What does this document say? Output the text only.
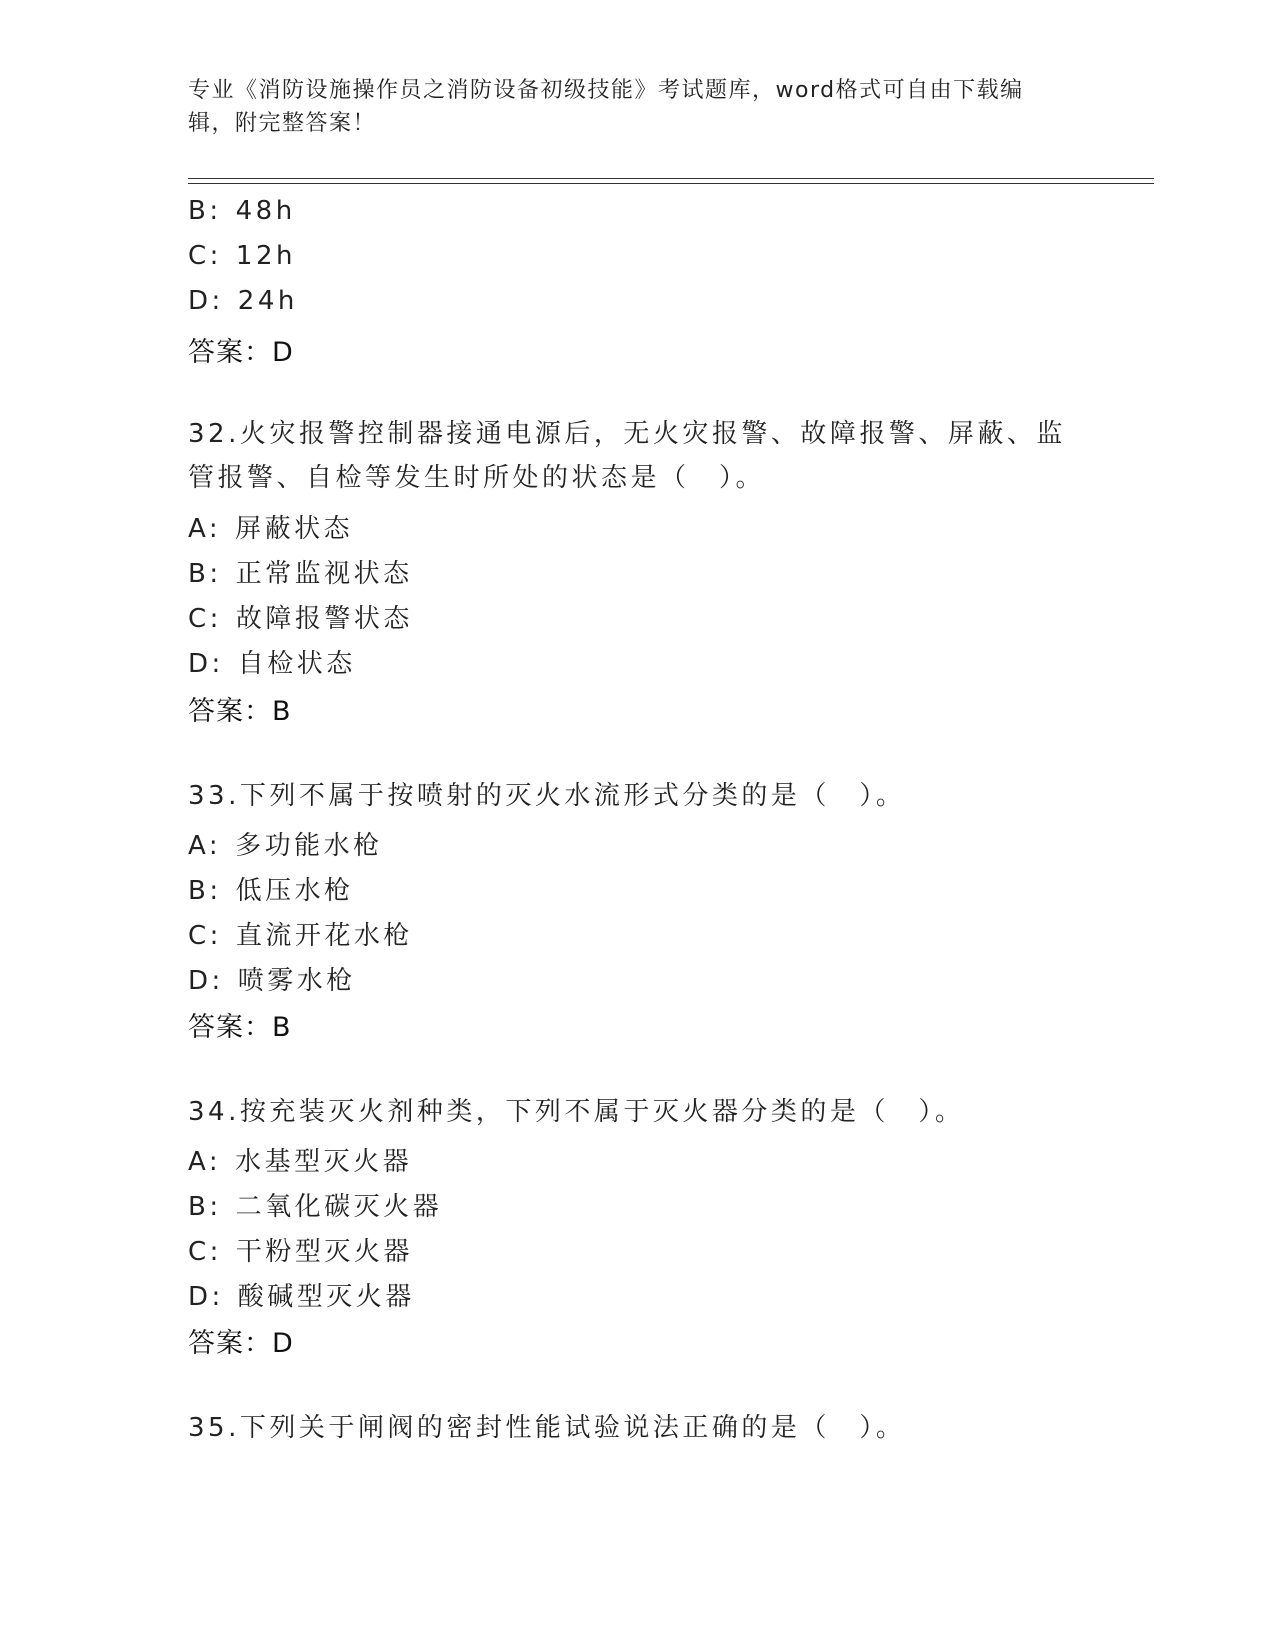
专业《消防设施操作员之消防设备初级技能》考试题库，word格式可自由下载编辑，附完整答案！
B: 48h
C: 12h
D: 24h
答案：D
32.火灾报警控制器接通电源后，无火灾报警、故障报警、屏蔽、监管报警、自检等发生时所处的状态是（　）。
A: 屏蔽状态
B: 正常监视状态
C: 故障报警状态
D: 自检状态
答案：B
33.下列不属于按喷射的灭火水流形式分类的是（　）。
A: 多功能水枪
B: 低压水枪
C: 直流开花水枪
D: 喷雾水枪
答案：B
34.按充装灭火剂种类，下列不属于灭火器分类的是（　）。
A: 水基型灭火器
B: 二氧化碳灭火器
C: 干粉型灭火器
D: 酸碱型灭火器
答案：D
35.下列关于闸阀的密封性能试验说法正确的是（　）。
